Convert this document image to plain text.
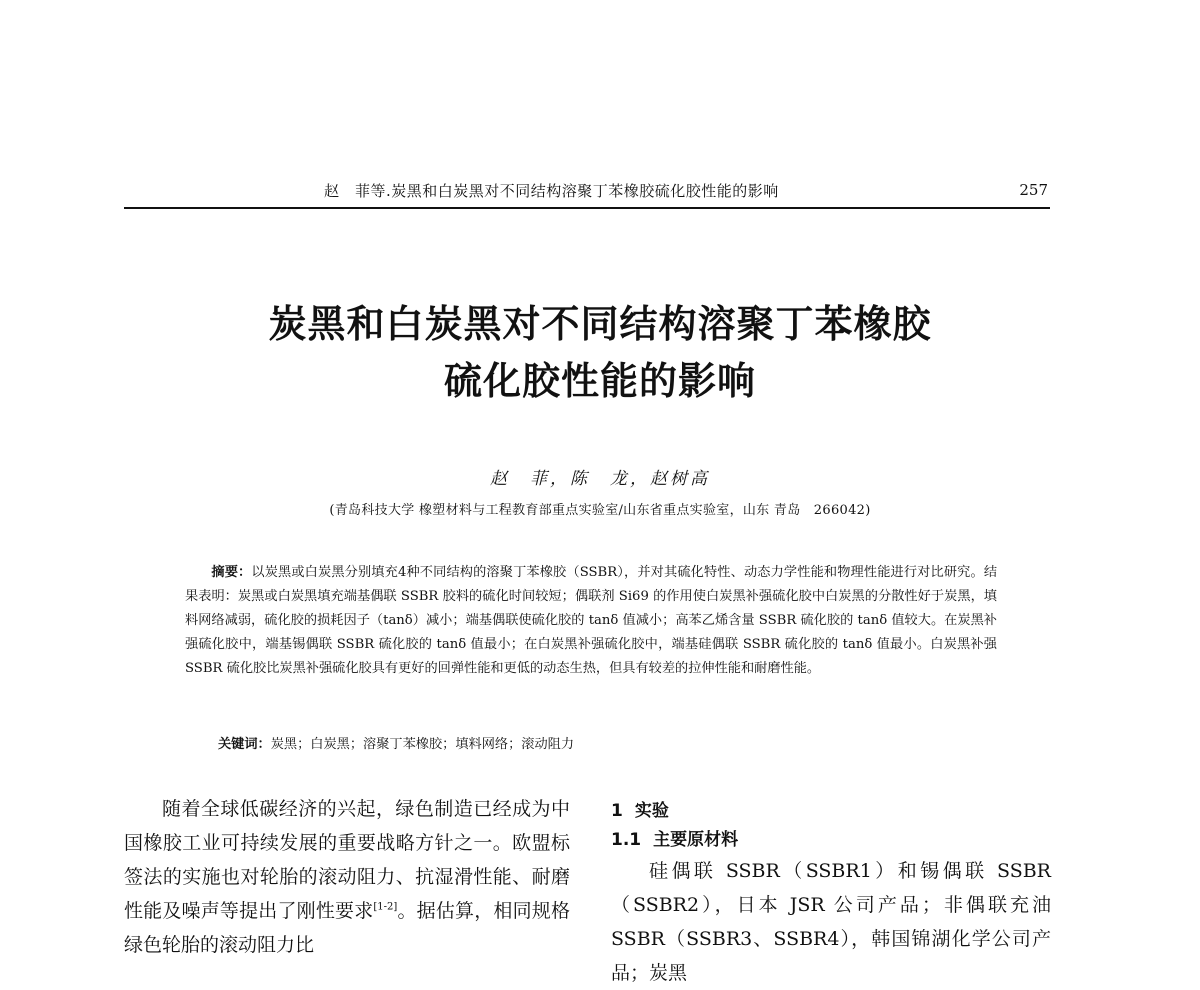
赵　菲等.炭黑和白炭黑对不同结构溶聚丁苯橡胶硫化胶性能的影响	257
炭黑和白炭黑对不同结构溶聚丁苯橡胶
硫化胶性能的影响
赵　菲，陈　龙，赵树高
(青岛科技大学 橡塑材料与工程教育部重点实验室/山东省重点实验室，山东 青岛　266042)
摘要：以炭黑或白炭黑分别填充4种不同结构的溶聚丁苯橡胶（SSBR），并对其硫化特性、动态力学性能和物理性能进行对比研究。结果表明：炭黑或白炭黑填充端基偶联 SSBR 胶料的硫化时间较短；偶联剂 Si69 的作用使白炭黑补强硫化胶中白炭黑的分散性好于炭黑，填料网络减弱，硫化胶的损耗因子（tanδ）减小；端基偶联使硫化胶的 tanδ 值减小；高苯乙烯含量 SSBR 硫化胶的 tanδ 值较大。在炭黑补强硫化胶中，端基锡偶联 SSBR 硫化胶的 tanδ 值最小；在白炭黑补强硫化胶中，端基硅偶联 SSBR 硫化胶的 tanδ 值最小。白炭黑补强 SSBR 硫化胶比炭黑补强硫化胶具有更好的回弹性能和更低的动态生热，但具有较差的拉伸性能和耐磨性能。
关键词：炭黑；白炭黑；溶聚丁苯橡胶；填料网络；滚动阻力

随着全球低碳经济的兴起，绿色制造已经成为中国橡胶工业可持续发展的重要战略方针之一。欧盟标签法的实施也对轮胎的滚动阻力、抗湿滑性能、耐磨性能及噪声等提出了刚性要求[1-2]。据估算，相同规格绿色轮胎的滚动阻力比

1 实验
1.1 主要原材料

硅偶联 SSBR（SSBR1）和锡偶联 SSBR（SSBR2），日本 JSR 公司产品；非偶联充油 SSBR（SSBR3、SSBR4），韩国锦湖化学公司产品；炭黑
